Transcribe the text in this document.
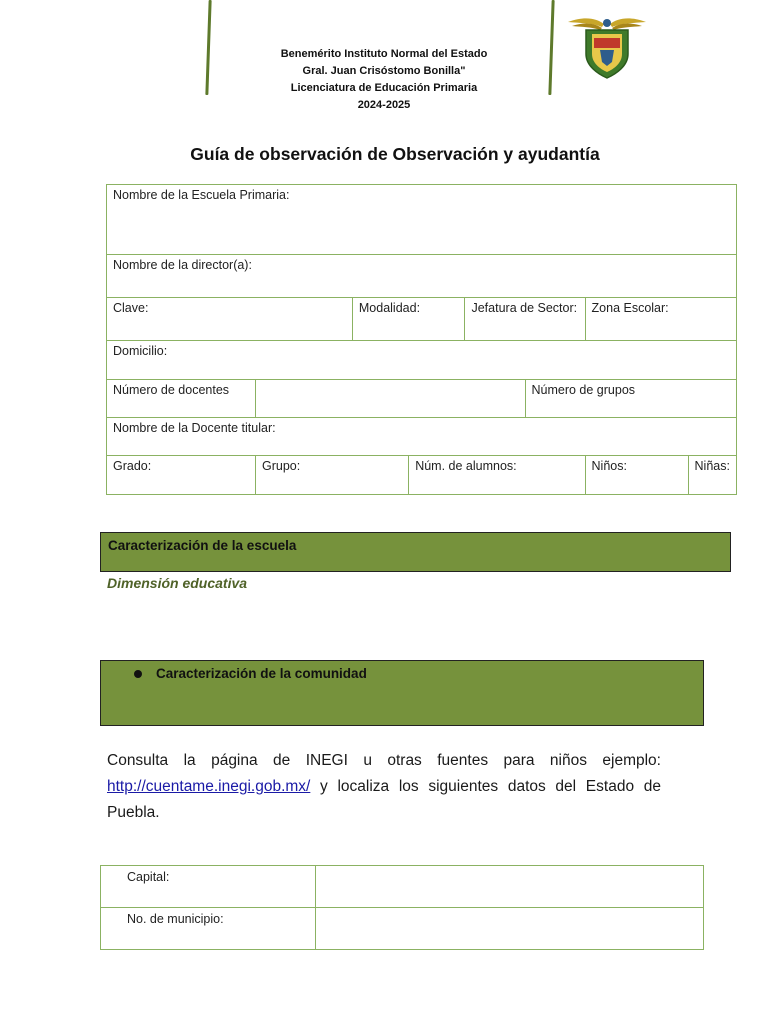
Benemérito Instituto Normal del Estado
Gral. Juan Crisóstomo Bonilla"
Licenciatura de Educación Primaria
2024-2025
Guía de observación de Observación y ayudantía
Nombre de la Escuela Primaria:							
Nombre de la director(a):							
Clave:		Modalidad:		Jefatura de Sector:		Zona Escolar:	
Domicilio:							
Número de docentes					Número de grupos		
Nombre de la Docente titular:							
Grado:	Grupo:		Núm. de alumnos:			Niños:	Niñas:
Caracterización de la escuela
Dimensión educativa
Caracterización de la comunidad
Consulta la página de INEGI u otras fuentes para niños ejemplo: http://cuentame.inegi.gob.mx/ y localiza los siguientes datos del Estado de Puebla.
Capital:	
No. de municipio:	
